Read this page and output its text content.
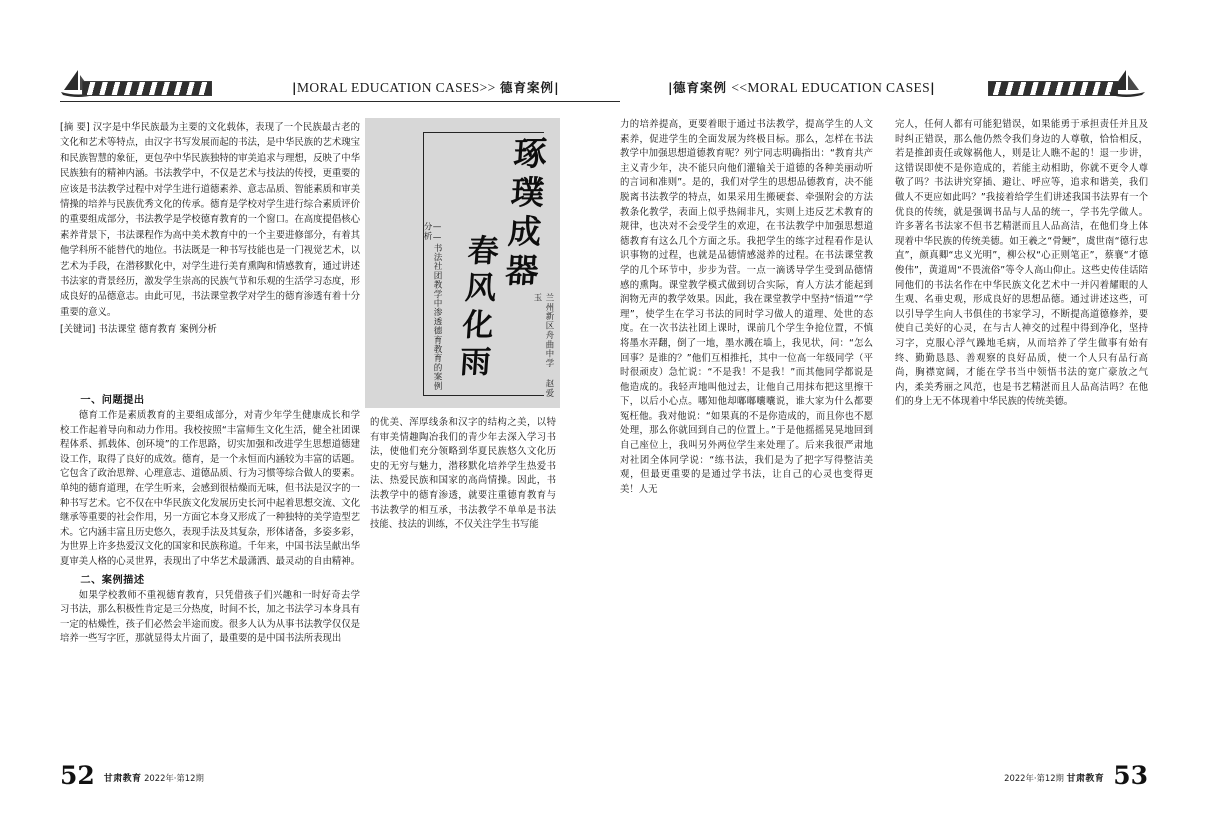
|MORAL EDUCATION CASES>> 德育案例|	|德育案例 <<MORAL EDUCATION CASES|
琢璞成器
春风化雨
——书法社团教学中渗透德育教育的案例分析
兰州新区舟曲中学 赵爱玉

[摘 要] 汉字是中华民族最为主要的文化载体，表现了一个民族最古老的文化和艺术等特点，由汉字书写发展而起的书法，是中华民族的艺术瑰宝和民族智慧的象征，更包孕中华民族独特的审美追求与理想，反映了中华民族独有的精神内涵。书法教学中，不仅是艺术与技法的传授，更重要的应该是书法教学过程中对学生进行道德素养、意志品质、智能素质和审美情操的培养与民族优秀文化的传承。德育是学校对学生进行综合素质评价的重要组成部分，书法教学是学校德育教育的一个窗口。在高度提倡核心素养背景下，书法课程作为高中美术教育中的一个主要进修部分，有着其他学科所不能替代的地位。书法既是一种书写技能也是一门视觉艺术，以艺术为手段，在潜移默化中，对学生进行美育熏陶和情感教育，通过讲述书法家的背景经历，激发学生崇高的民族气节和乐观的生活学习态度，形成良好的品德意志。由此可见，书法课堂教学对学生的德育渗透有着十分重要的意义。

[关键词] 书法课堂 德育教育 案例分析

一、问题提出

德育工作是素质教育的主要组成部分，对青少年学生健康成长和学校工作起着导向和动力作用。我校按照“丰富师生文化生活，健全社团课程体系、抓载体、创环境”的工作思路，切实加强和改进学生思想道德建设工作，取得了良好的成效。德育，是一个永恒而内涵较为丰富的话题。它包含了政治思辩、心理意志、道德品质、行为习惯等综合做人的要素。单纯的德育道理，在学生听来，会感到很枯燥而无味，但书法是汉字的一种书写艺术。它不仅在中华民族文化发展历史长河中起着思想交流、文化继承等重要的社会作用，另一方面它本身又形成了一种独特的美学造型艺术。它内涵丰富且历史悠久，表现手法及其复杂，形体诸备，多姿多彩，为世界上许多热爱汉文化的国家和民族称道。千年来，中国书法呈献出华夏审美人格的心灵世界，表现出了中华艺术最潇洒、最灵动的自由精神。

二、案例描述

如果学校教师不重视德育教育，只凭借孩子们兴趣和一时好奇去学习书法，那么积极性肯定是三分热度，时间不长，加之书法学习本身具有一定的枯燥性，孩子们必然会半途而废。很多人认为从事书法教学仅仅是培养一些写字匠，那就显得太片面了，最重要的是中国书法所表现出

的优美、浑厚线条和汉字的结构之美，以特有审美情趣陶冶我们的青少年去深入学习书法，使他们充分领略到华夏民族悠久文化历史的无穷与魅力，潜移默化培养学生热爱书法、热爱民族和国家的高尚情操。因此，书法教学中的德育渗透，就要注重德育教育与书法教学的相互承，书法教学不单单是书法技能、技法的训练，不仅关注学生书写能

力的培养提高，更要着眼于通过书法教学，提高学生的人文素养，促进学生的全面发展为终极目标。那么，怎样在书法教学中加强思想道德教育呢？列宁同志明确指出：“教育共产主义青少年，决不能只向他们灌输关于道德的各种美丽动听的言词和准则”。是的，我们对学生的思想品德教育，决不能脱离书法教学的特点，如果采用生搬硬套、牵强附会的方法教条化教学，表面上似乎热闹非凡，实则上违反艺术教育的规律，也决对不会受学生的欢迎，在书法教学中加强思想道德教育有这么几个方面之乐。我把学生的练字过程看作是认识事物的过程，也就是品德情感滋养的过程。在书法课堂教学的几个环节中，步步为营。一点一滴诱导学生受到品德情感的熏陶。课堂教学模式做到切合实际，育人方法才能起到润物无声的教学效果。因此，我在课堂教学中坚持“悟道”“学理”，使学生在学习书法的同时学习做人的道理、处世的态度。在一次书法社团上课时，课前几个学生争抢位置，不慎将墨水弄翻，倒了一地，墨水溅在墙上，我见状，问：“怎么回事？是谁的？”他们互相推托，其中一位高一年级同学（平时很顽皮）急忙说：“不是我！不是我！”而其他同学都说是他造成的。我轻声地叫他过去，让他自己用抹布把这里擦干下，以后小心点。哪知他却嘟嘟囔囔说，谁大家为什么都要冤枉他。我对他说：“如果真的不是你造成的，而且你也不愿处理，那么你就回到自己的位置上。”于是他摇摇晃晃地回到自己座位上，我叫另外两位学生来处理了。后来我很严肃地对社团全体同学说：“练书法，我们是为了把字写得整洁美观，但最更重要的是通过学书法，让自己的心灵也变得更美！人无

完人，任何人都有可能犯错误，如果能勇于承担责任并且及时纠正错误，那么他仍然令我们身边的人尊敬，恰恰相反，若是推卸责任或嫁祸他人，则是让人瞧不起的！退一步讲，这错误即使不是你造成的，若能主动相助，你就不更令人尊敬了吗？书法讲究穿插、避让、呼应等，追求和谐美，我们做人不更应如此吗？”我接着给学生们讲述我国书法界有一个优良的传统，就是强调书品与人品的统一，学书先学做人。许多著名书法家不但书艺精湛而且人品高洁，在他们身上体现着中华民族的传统美德。如王羲之“骨鲠”，虞世南“德行忠直”，颜真卿“忠义光明”，柳公权“心正则笔正”，蔡襄“才德俊伟”，黄道周“不畏流俗”等令人高山仰止。这些史传佳话陪同他们的书法名作在中华民族文化艺术中一并闪着耀眼的人生观、名垂史观，形成良好的思想品德。通过讲述这些，可以引导学生向人书俱佳的书家学习，不断提高道德修养，要使自己美好的心灵，在与古人神交的过程中得到净化，坚持习字，克服心浮气躁地毛病，从而培养了学生做事有始有终、勤勤恳恳、善观察的良好品质，使一个人只有品行高尚，胸襟宽阔，才能在学书当中领悟书法的宽广豪放之气内，柔美秀丽之风范，也是书艺精湛而且人品高洁吗？在他们的身上无不体现着中华民族的传统美德。

52 甘肃教育 2022年·第12期	2022年·第12期 甘肃教育 53
